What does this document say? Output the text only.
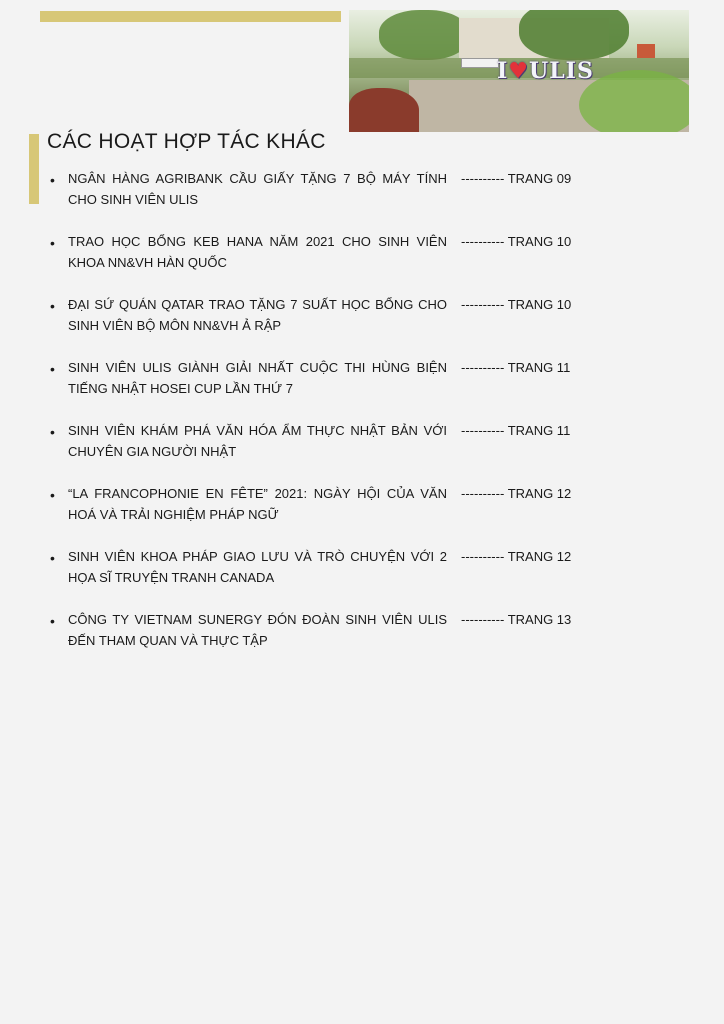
I♥ULIS
CÁC HOẠT HỢP TÁC KHÁC
• NGÂN HÀNG AGRIBANK CẦU GIẤY TẶNG 7 BỘ MÁY TÍNH CHO SINH VIÊN ULIS
---------- TRANG 09
• TRAO HỌC BỔNG KEB HANA NĂM 2021 CHO SINH VIÊN KHOA NN&VH HÀN QUỐC
---------- TRANG 10
• ĐẠI SỨ QUÁN QATAR TRAO TẶNG 7 SUẤT HỌC BỔNG CHO SINH VIÊN BỘ MÔN NN&VH Ả RẬP
---------- TRANG 10
• SINH VIÊN ULIS GIÀNH GIẢI NHẤT CUỘC THI HÙNG BIỆN TIẾNG NHẬT HOSEI CUP LẦN THỨ 7
---------- TRANG 11
• SINH VIÊN KHÁM PHÁ VĂN HÓA ẨM THỰC NHẬT BẢN VỚI CHUYÊN GIA NGƯỜI NHẬT
---------- TRANG 11
• “LA FRANCOPHONIE EN FÊTE” 2021: NGÀY HỘI CỦA VĂN HOÁ VÀ TRẢI NGHIỆM PHÁP NGỮ
---------- TRANG 12
• SINH VIÊN KHOA PHÁP GIAO LƯU VÀ TRÒ CHUYỆN VỚI 2 HỌA SĨ TRUYỆN TRANH CANADA
---------- TRANG 12
• CÔNG TY VIETNAM SUNERGY ĐÓN ĐOÀN SINH VIÊN ULIS ĐẾN THAM QUAN VÀ THỰC TẬP
---------- TRANG 13
